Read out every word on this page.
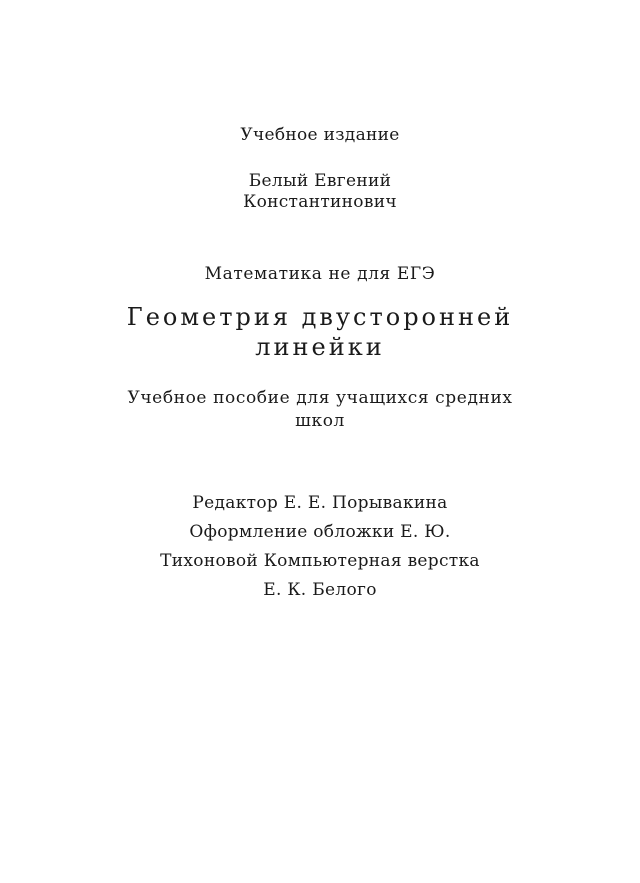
Учебное издание
Белый Евгений
Константинович
Математика не для ЕГЭ
Геометрия двусторонней
линейки
Учебное пособие для учащихся средних
школ
Редактор Е. Е. Порывакина
Оформление обложки Е. Ю.
Тихоновой Компьютерная верстка
Е. К. Белого
